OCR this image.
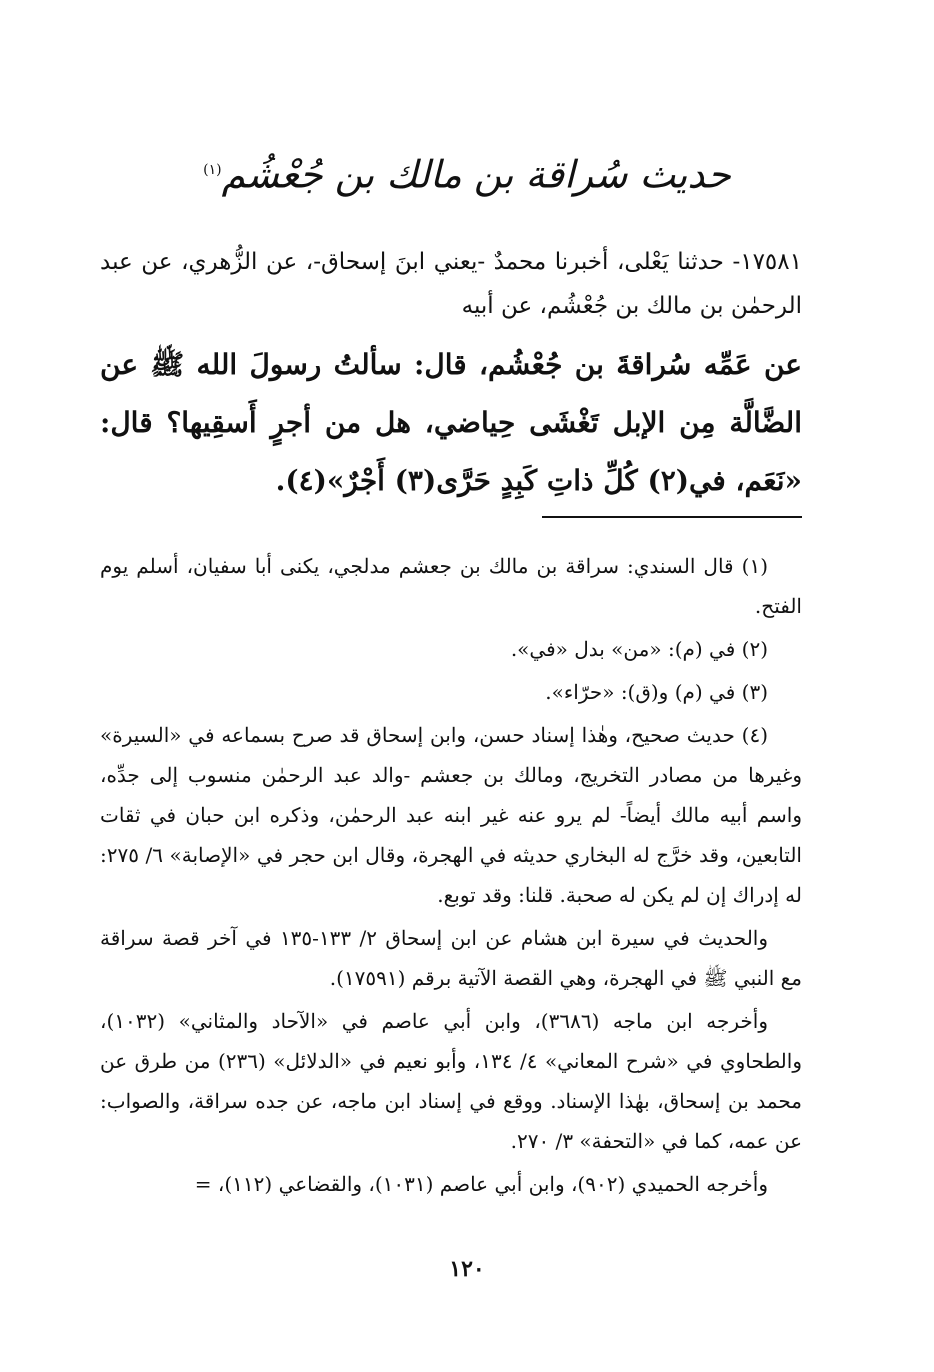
حديث سُراقة بن مالك بن جُعْشُم$^{(١)}$
١٧٥٨١- حدثنا يَعْلى، أخبرنا محمدٌ -يعني ابنَ إسحاق-، عن الزُّهري، عن عبد الرحمٰن بن مالك بن جُعْشُم، عن أبيه
عن عَمِّه سُراقةَ بن جُعْشُم، قال: سألتُ رسولَ الله ﷺ عن الضَّالَّة مِن الإبل تَغْشَى حِياضي، هل من أجرٍ أَسقِيها؟ قال: «نَعَم، في(٢) كُلِّ ذاتِ كَبِدٍ حَرَّى(٣) أَجْرٌ»(٤).

(١) قال السندي: سراقة بن مالك بن جعشم مدلجي، يكنى أبا سفيان، أسلم يوم الفتح.

(٢) في (م): «من» بدل «في».

(٣) في (م) و(ق): «حرّاء».

(٤) حديث صحيح، وهٰذا إسناد حسن، وابن إسحاق قد صرح بسماعه في «السيرة» وغيرها من مصادر التخريج، ومالك بن جعشم -والد عبد الرحمٰن منسوب إلى جدِّه، واسم أبيه مالك أيضاً- لم يرو عنه غير ابنه عبد الرحمٰن، وذكره ابن حبان في ثقات التابعين، وقد خرَّج له البخاري حديثه في الهجرة، وقال ابن حجر في «الإصابة» ٦/ ٢٧٥: له إدراك إن لم يكن له صحبة. قلنا: وقد توبع.

والحديث في سيرة ابن هشام عن ابن إسحاق ٢/ ١٣٣-١٣٥ في آخر قصة سراقة مع النبي ﷺ في الهجرة، وهي القصة الآتية برقم (١٧٥٩١).

وأخرجه ابن ماجه (٣٦٨٦)، وابن أبي عاصم في «الآحاد والمثاني» (١٠٣٢)، والطحاوي في «شرح المعاني» ٤/ ١٣٤، وأبو نعيم في «الدلائل» (٢٣٦) من طرق عن محمد بن إسحاق، بهٰذا الإسناد. ووقع في إسناد ابن ماجه، عن جده سراقة، والصواب: عن عمه، كما في «التحفة» ٣/ ٢٧٠.

وأخرجه الحميدي (٩٠٢)، وابن أبي عاصم (١٠٣١)، والقضاعي (١١٢)، =

١٢٠
